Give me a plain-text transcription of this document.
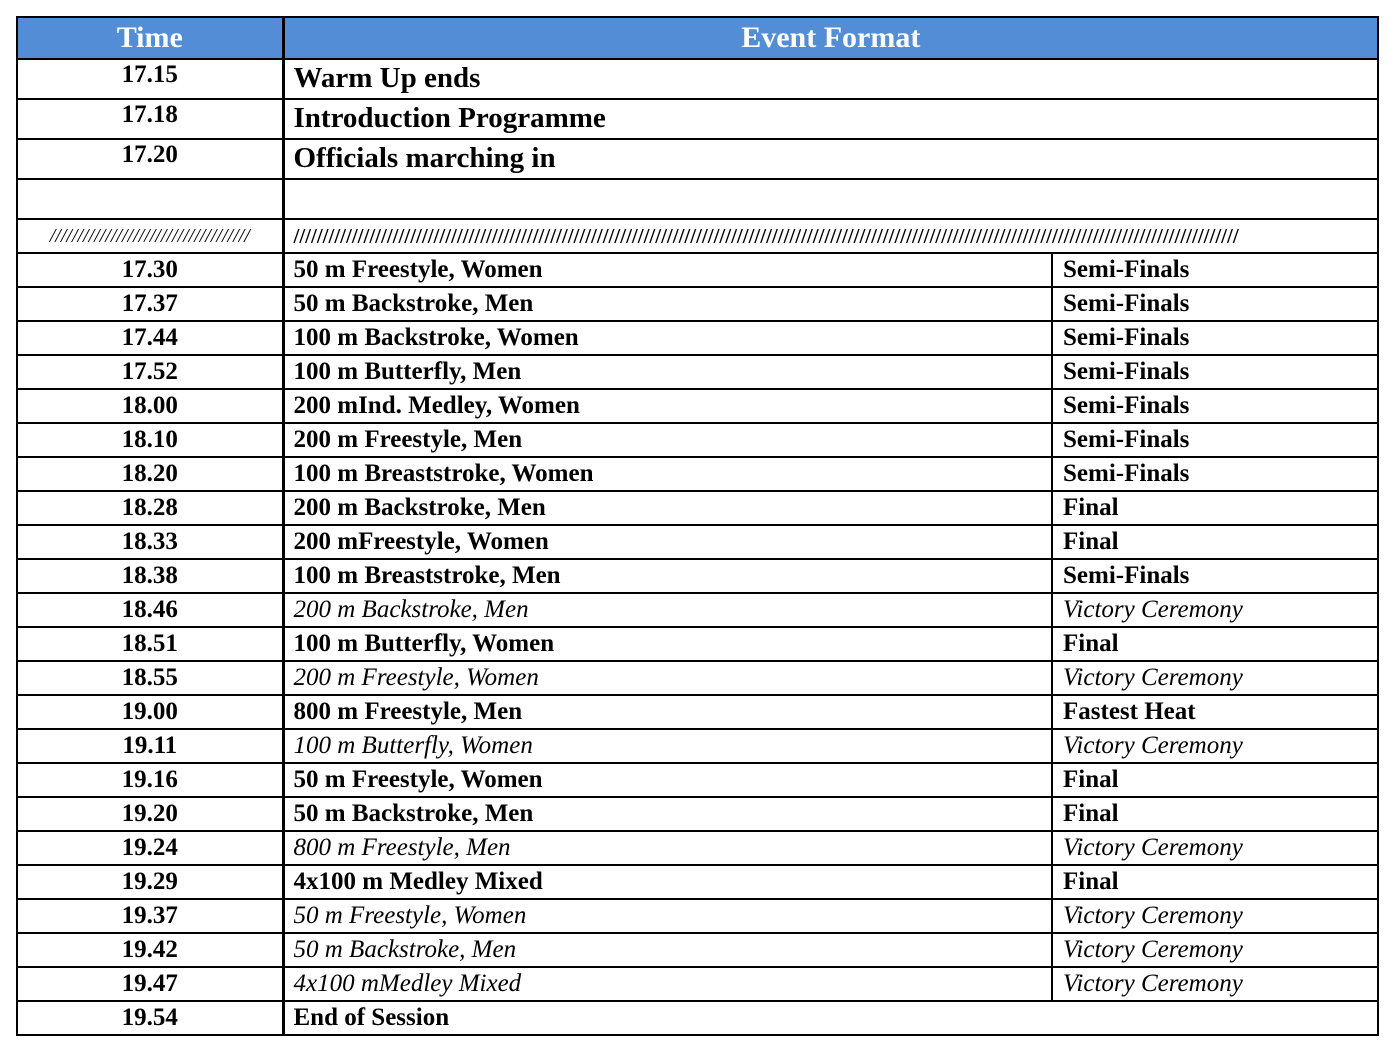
Time	Event Format	
17.15	Warm Up ends	
17.18	Introduction Programme	
17.20	Officials marching in	

////////////////////////////////////	//////////////////////////////////////////////////////////////////////////////////////////////////////////////////////////////////////////////////////////////////	
17.30	50 m Freestyle, Women	Semi-Finals
17.37	50 m Backstroke, Men	Semi-Finals
17.44	100 m Backstroke, Women	Semi-Finals
17.52	100 m Butterfly, Men	Semi-Finals
18.00	200 mInd. Medley, Women	Semi-Finals
18.10	200 m Freestyle, Men	Semi-Finals
18.20	100 m Breaststroke, Women	Semi-Finals
18.28	200 m Backstroke, Men	Final
18.33	200 mFreestyle, Women	Final
18.38	100 m Breaststroke, Men	Semi-Finals
18.46	200 m Backstroke, Men	Victory Ceremony
18.51	100 m Butterfly, Women	Final
18.55	200 m Freestyle, Women	Victory Ceremony
19.00	800 m Freestyle, Men	Fastest Heat
19.11	100 m Butterfly, Women	Victory Ceremony
19.16	50 m Freestyle, Women	Final
19.20	50 m Backstroke, Men	Final
19.24	800 m Freestyle, Men	Victory Ceremony
19.29	4x100 m Medley Mixed	Final
19.37	50 m Freestyle, Women	Victory Ceremony
19.42	50 m Backstroke, Men	Victory Ceremony
19.47	4x100 mMedley Mixed	Victory Ceremony
19.54	End of Session	
